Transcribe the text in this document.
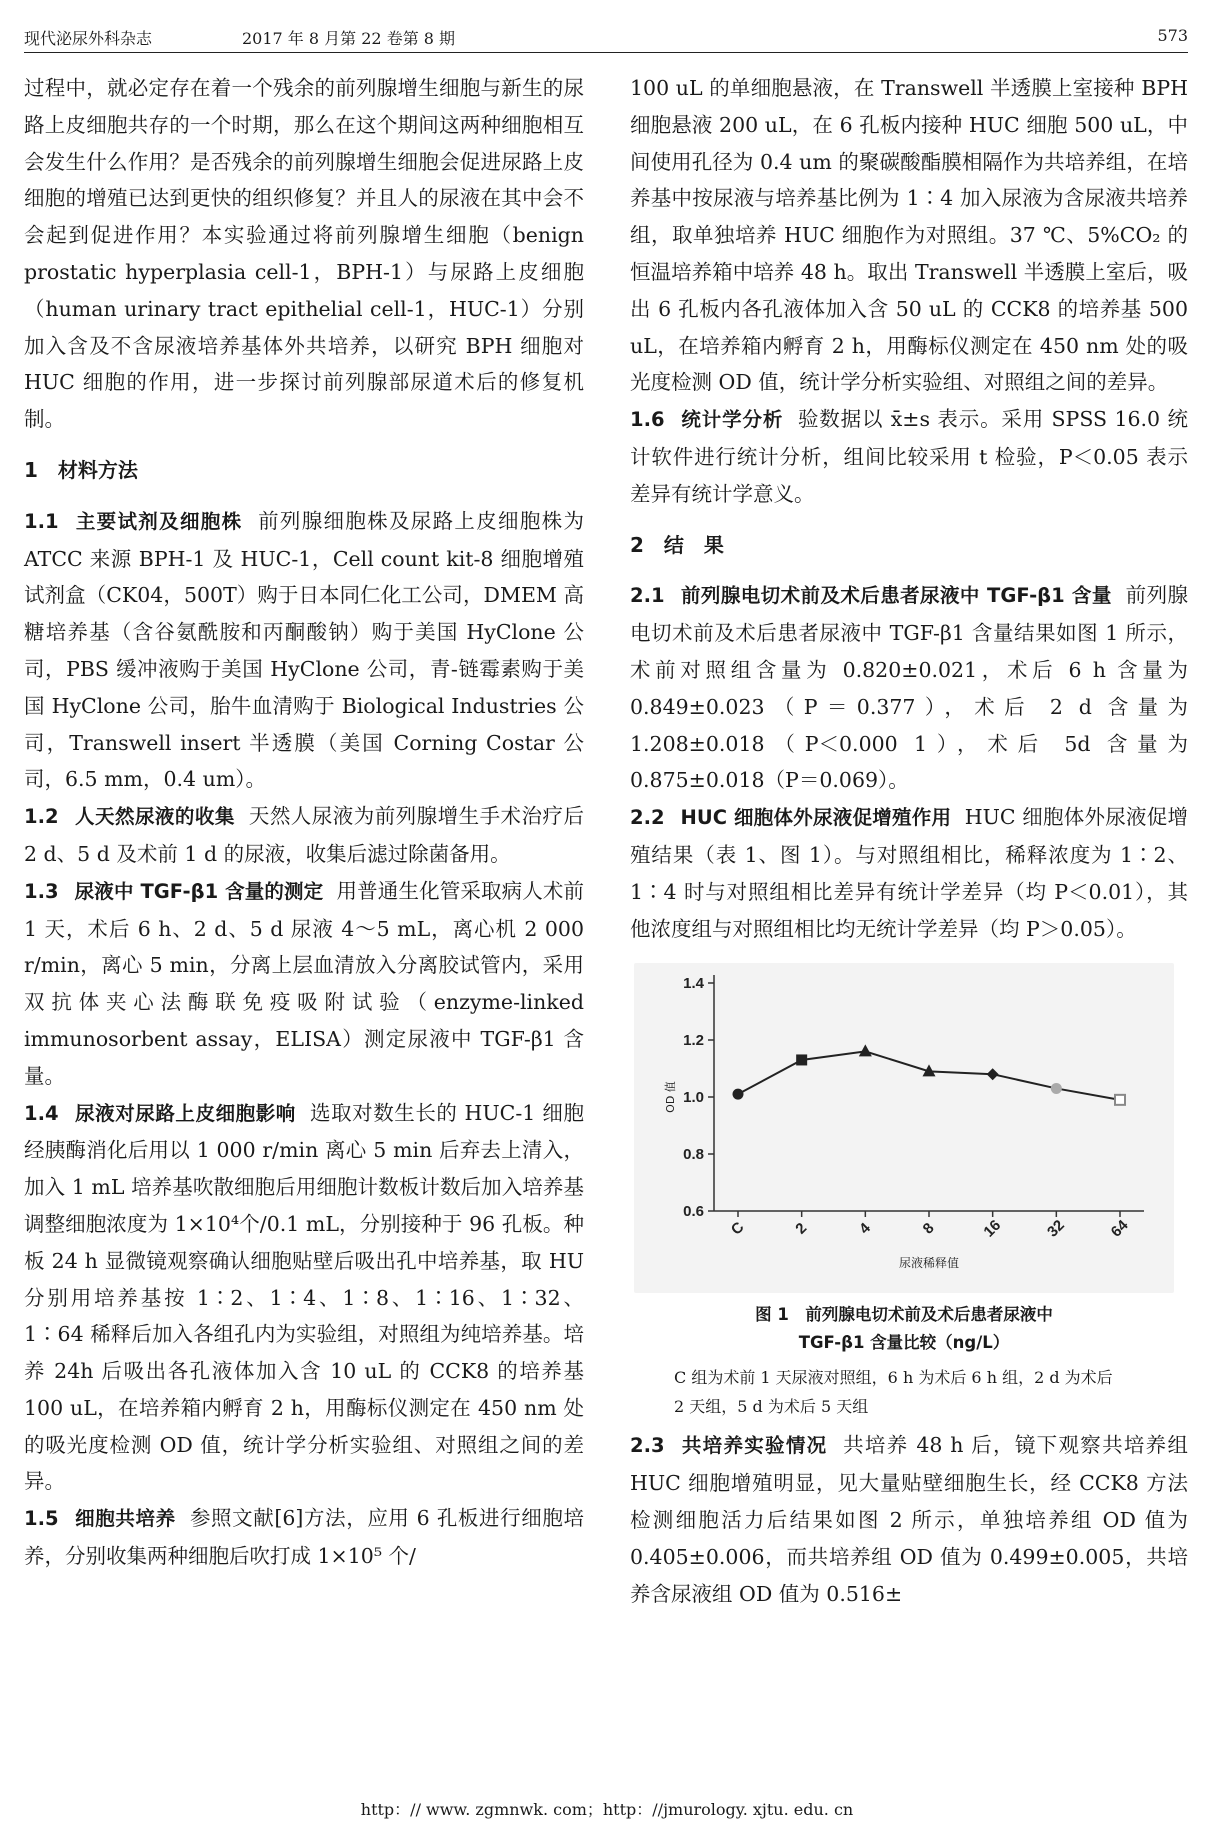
现代泌尿外科杂志	2017 年 8 月第 22 卷第 8 期	573

过程中，就必定存在着一个残余的前列腺增生细胞与新生的尿路上皮细胞共存的一个时期，那么在这个期间这两种细胞相互会发生什么作用？是否残余的前列腺增生细胞会促进尿路上皮细胞的增殖已达到更快的组织修复？并且人的尿液在其中会不会起到促进作用？本实验通过将前列腺增生细胞（benign prostatic hyperplasia cell-1，BPH-1）与尿路上皮细胞（human urinary tract epithelial cell-1，HUC-1）分别加入含及不含尿液培养基体外共培养，以研究 BPH 细胞对 HUC 细胞的作用，进一步探讨前列腺部尿道术后的修复机制。

1　材料方法

1.1 主要试剂及细胞株 前列腺细胞株及尿路上皮细胞株为 ATCC 来源 BPH-1 及 HUC-1，Cell count kit-8 细胞增殖试剂盒（CK04，500T）购于日本同仁化工公司，DMEM 高糖培养基（含谷氨酰胺和丙酮酸钠）购于美国 HyClone 公司，PBS 缓冲液购于美国 HyClone 公司，青-链霉素购于美国 HyClone 公司，胎牛血清购于 Biological Industries 公司，Transwell insert 半透膜（美国 Corning Costar 公司，6.5 mm，0.4 um）。

1.2 人天然尿液的收集 天然人尿液为前列腺增生手术治疗后 2 d、5 d 及术前 1 d 的尿液，收集后滤过除菌备用。

1.3 尿液中 TGF-β1 含量的测定 用普通生化管采取病人术前 1 天，术后 6 h、2 d、5 d 尿液 4～5 mL，离心机 2 000 r/min，离心 5 min，分离上层血清放入分离胶试管内，采用双抗体夹心法酶联免疫吸附试验（enzyme-linked immunosorbent assay，ELISA）测定尿液中 TGF-β1 含量。

1.4 尿液对尿路上皮细胞影响 选取对数生长的 HUC-1 细胞经胰酶消化后用以 1 000 r/min 离心 5 min 后弃去上清入，加入 1 mL 培养基吹散细胞后用细胞计数板计数后加入培养基调整细胞浓度为 1×10⁴个/0.1 mL，分别接种于 96 孔板。种板 24 h 显微镜观察确认细胞贴壁后吸出孔中培养基，取 HU 分别用培养基按 1∶2、1∶4、1∶8、1∶16、1∶32、1∶64 稀释后加入各组孔内为实验组，对照组为纯培养基。培养 24h 后吸出各孔液体加入含 10 uL 的 CCK8 的培养基 100 uL，在培养箱内孵育 2 h，用酶标仪测定在 450 nm 处的吸光度检测 OD 值，统计学分析实验组、对照组之间的差异。

1.5 细胞共培养 参照文献[6]方法，应用 6 孔板进行细胞培养，分别收集两种细胞后吹打成 1×10⁵ 个/

100 uL 的单细胞悬液，在 Transwell 半透膜上室接种 BPH 细胞悬液 200 uL，在 6 孔板内接种 HUC 细胞 500 uL，中间使用孔径为 0.4 um 的聚碳酸酯膜相隔作为共培养组，在培养基中按尿液与培养基比例为 1∶4 加入尿液为含尿液共培养组，取单独培养 HUC 细胞作为对照组。37 ℃、5%CO₂ 的恒温培养箱中培养 48 h。取出 Transwell 半透膜上室后，吸出 6 孔板内各孔液体加入含 50 uL 的 CCK8 的培养基 500 uL，在培养箱内孵育 2 h，用酶标仪测定在 450 nm 处的吸光度检测 OD 值，统计学分析实验组、对照组之间的差异。

1.6 统计学分析 验数据以 x̄±s 表示。采用 SPSS 16.0 统计软件进行统计分析，组间比较采用 t 检验，P＜0.05 表示差异有统计学意义。

2　结　果

2.1 前列腺电切术前及术后患者尿液中 TGF-β1 含量 前列腺电切术前及术后患者尿液中 TGF-β1 含量结果如图 1 所示，术前对照组含量为 0.820±0.021，术后 6 h 含量为 0.849±0.023（P＝0.377），术后 2 d 含量为 1.208±0.018（P＜0.000 1），术后 5d 含量为 0.875±0.018（P＝0.069）。

2.2 HUC 细胞体外尿液促增殖作用 HUC 细胞体外尿液促增殖结果（表 1、图 1）。与对照组相比，稀释浓度为 1∶2、1∶4 时与对照组相比差异有统计学差异（均 P＜0.01），其他浓度组与对照组相比均无统计学差异（均 P＞0.05）。

0.6
0.8
1.0
1.2
1.4
OD 值
C	2	4	8	16	32	64
尿液稀释值
图 1　前列腺电切术前及术后患者尿液中
TGF-β1 含量比较（ng/L）
C 组为术前 1 天尿液对照组，6 h 为术后 6 h 组，2 d 为术后 2 天组，5 d 为术后 5 天组

2.3 共培养实验情况 共培养 48 h 后，镜下观察共培养组 HUC 细胞增殖明显，见大量贴壁细胞生长，经 CCK8 方法检测细胞活力后结果如图 2 所示，单独培养组 OD 值为 0.405±0.006，而共培养组 OD 值为 0.499±0.005，共培养含尿液组 OD 值为 0.516±

http：// www. zgmnwk. com；http：//jmurology. xjtu. edu. cn
